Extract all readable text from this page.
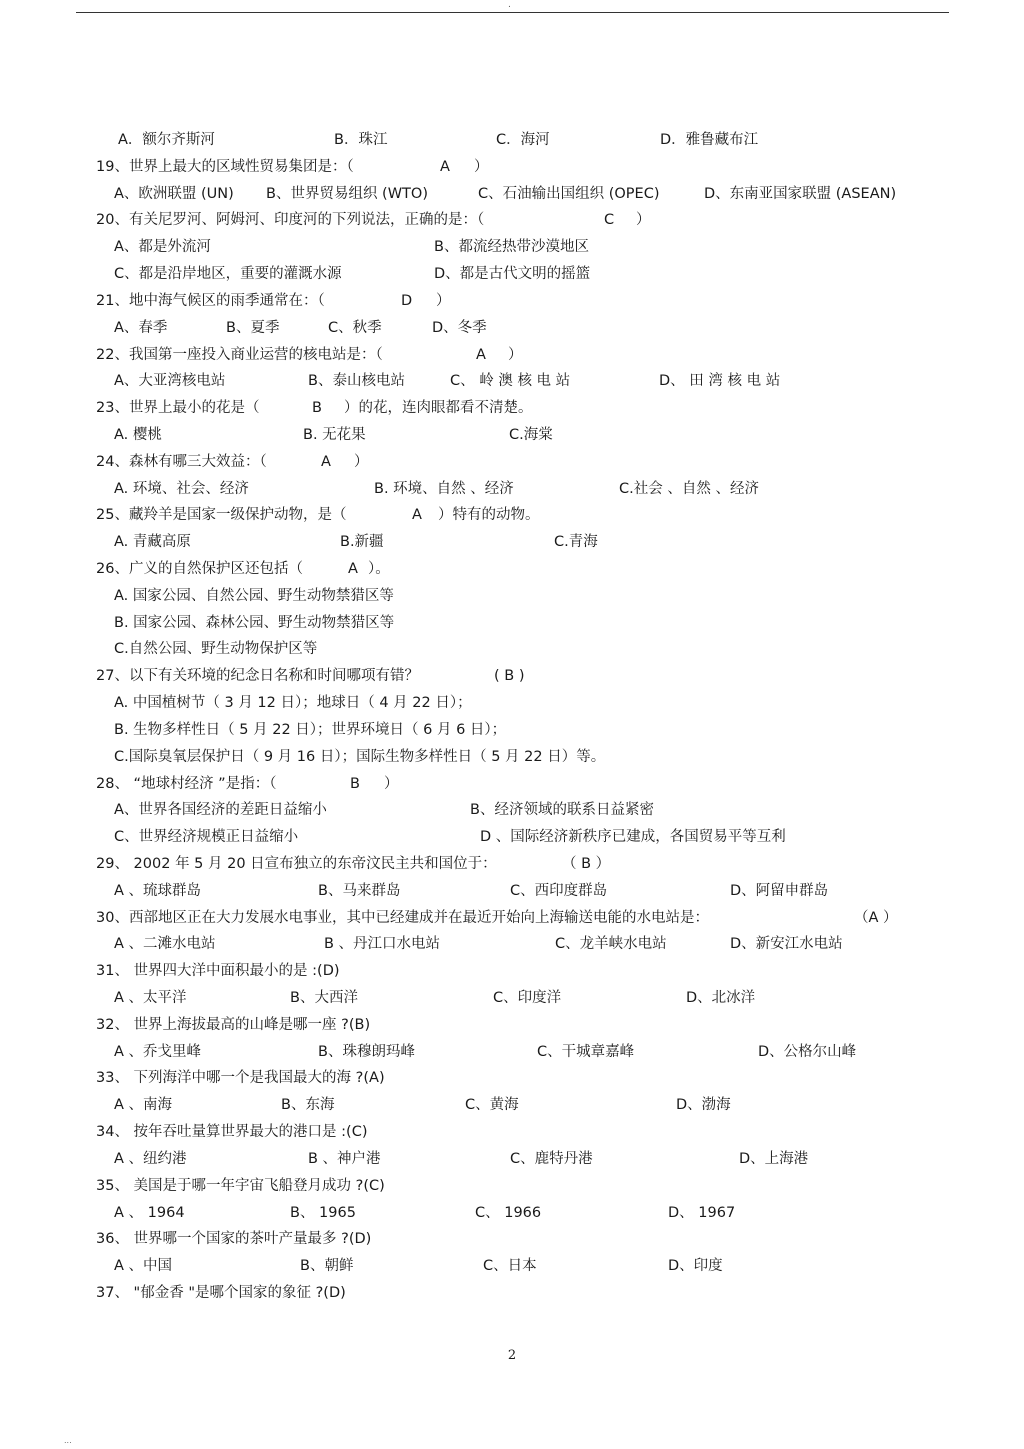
.
A．额尔齐斯河	B．珠江	C．海河	D．雅鲁藏布江
19、世界上最大的区域性贸易集团是：（	A ）
A、欧洲联盟 (UN) B、世界贸易组织 (WTO)	C、石油输出国组织 (OPEC)	D、东南亚国家联盟 (ASEAN)
20、有关尼罗河、阿姆河、印度河的下列说法，正确的是：（	C ）
A、都是外流河	B、都流经热带沙漠地区
C、都是沿岸地区，重要的灌溉水源	D、都是古代文明的摇篮
21、地中海气候区的雨季通常在：（	D ）
A、春季	B、夏季	C、秋季	D、冬季
22、我国第一座投入商业运营的核电站是：（	A ）
A、大亚湾核电站	B、泰山核电站	C、 岭 澳 核 电 站	D、 田 湾 核 电 站
23、世界上最小的花是（	B ）的花，连肉眼都看不清楚。
A. 樱桃	B. 无花果	C.海棠
24、森林有哪三大效益：（	A ）
A. 环境、社会、经济	B. 环境、自然 、经济	C.社会 、自然 、经济
25、藏羚羊是国家一级保护动物，是（	A ）特有的动物。
A. 青藏高原	B.新疆	C.青海
26、广义的自然保护区还包括（	A ）。
A. 国家公园、自然公园、野生动物禁猎区等
B. 国家公园、森林公园、野生动物禁猎区等
C.自然公园、野生动物保护区等
27、以下有关环境的纪念日名称和时间哪项有错？	( B )
A. 中国植树节（ 3 月 12 日）；地球日（ 4 月 22 日）；
B. 生物多样性日（ 5 月 22 日）；世界环境日（ 6 月 6 日）；
C.国际臭氧层保护日（ 9 月 16 日）；国际生物多样性日（ 5 月 22 日）等。
28、 “地球村经济 ”是指：（	B ）
A、世界各国经济的差距日益缩小	B、经济领域的联系日益紧密
C、世界经济规模正日益缩小	D 、国际经济新秩序已建成，各国贸易平等互利
29、 2002 年 5 月 20 日宣布独立的东帝汶民主共和国位于：	（ B ）
A 、琉球群岛	B、马来群岛	C、西印度群岛	D、阿留申群岛
30、西部地区正在大力发展水电事业，其中已经建成并在最近开始向上海输送电能的水电站是：	（A ）
A 、二滩水电站	B 、丹江口水电站	C、龙羊峡水电站	D、新安江水电站
31、 世界四大洋中面积最小的是 :(D)
A 、太平洋	B、大西洋	C、印度洋	D、北冰洋
32、 世界上海拔最高的山峰是哪一座 ?(B)
A 、乔戈里峰	B、珠穆朗玛峰	C、干城章嘉峰	D、公格尔山峰
33、 下列海洋中哪一个是我国最大的海 ?(A)
A 、南海	B、东海	C、黄海	D、渤海
34、 按年吞吐量算世界最大的港口是 :(C)
A 、纽约港	B 、神户港	C、鹿特丹港	D、上海港
35、 美国是于哪一年宇宙飞船登月成功 ?(C)
A 、 1964	B、 1965	C、 1966	D、 1967
36、 世界哪一个国家的茶叶产量最多 ?(D)
A 、中国	B、朝鲜	C、日本	D、印度
37、 "郁金香 "是哪个国家的象征 ?(D)
2
...
